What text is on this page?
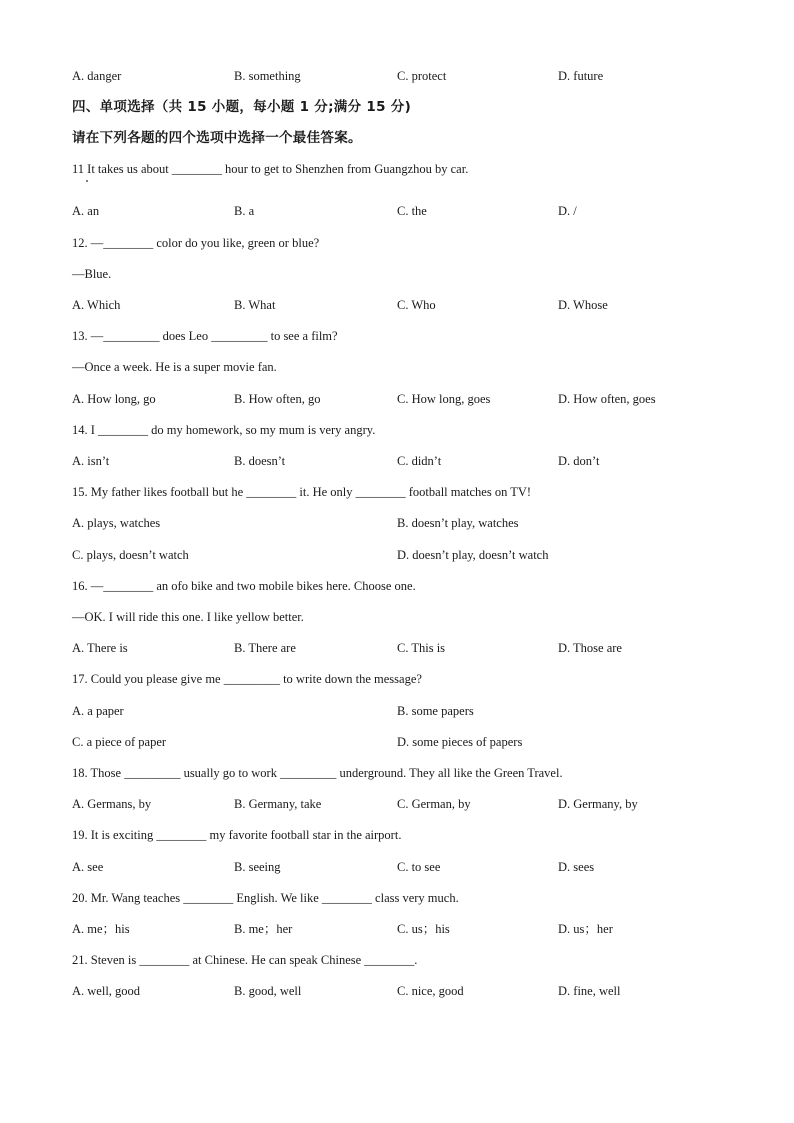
A. danger	B. something	C. protect	D. future
四、单项选择（共 15 小题，每小题 1 分;满分 15 分)
请在下列各题的四个选项中选择一个最佳答案。
11 It takes us about ________ hour to get to Shenzhen from Guangzhou by car.
A. an	B. a	C. the	D. /
12. —________ color do you like, green or blue?
—Blue.
A. Which	B. What	C. Who	D. Whose
13. —_________ does Leo _________ to see a film?
—Once a week. He is a super movie fan.
A. How long, go	B. How often, go	C. How long, goes	D. How often, goes
14. I ________ do my homework, so my mum is very angry.
A. isn’t	B. doesn’t	C. didn’t	D. don’t
15. My father likes football but he ________ it. He only ________ football matches on TV!
A. plays, watches	B. doesn’t play, watches
C. plays, doesn’t watch	D. doesn’t play, doesn’t watch
16. —________ an ofo bike and two mobile bikes here. Choose one.
—OK. I will ride this one. I like yellow better.
A. There is	B. There are	C. This is	D. Those are
17. Could you please give me _________ to write down the message?
A. a paper	B. some papers
C. a piece of paper	D. some pieces of papers
18. Those _________ usually go to work _________ underground. They all like the Green Travel.
A. Germans, by	B. Germany, take	C. German, by	D. Germany, by
19. It is exciting ________ my favorite football star in the airport.
A. see	B. seeing	C. to see	D. sees
20. Mr. Wang teaches ________ English. We like ________ class very much.
A. me；his	B. me；her	C. us；his	D. us；her
21. Steven is ________ at Chinese. He can speak Chinese ________.
A. well, good	B. good, well	C. nice, good	D. fine, well
